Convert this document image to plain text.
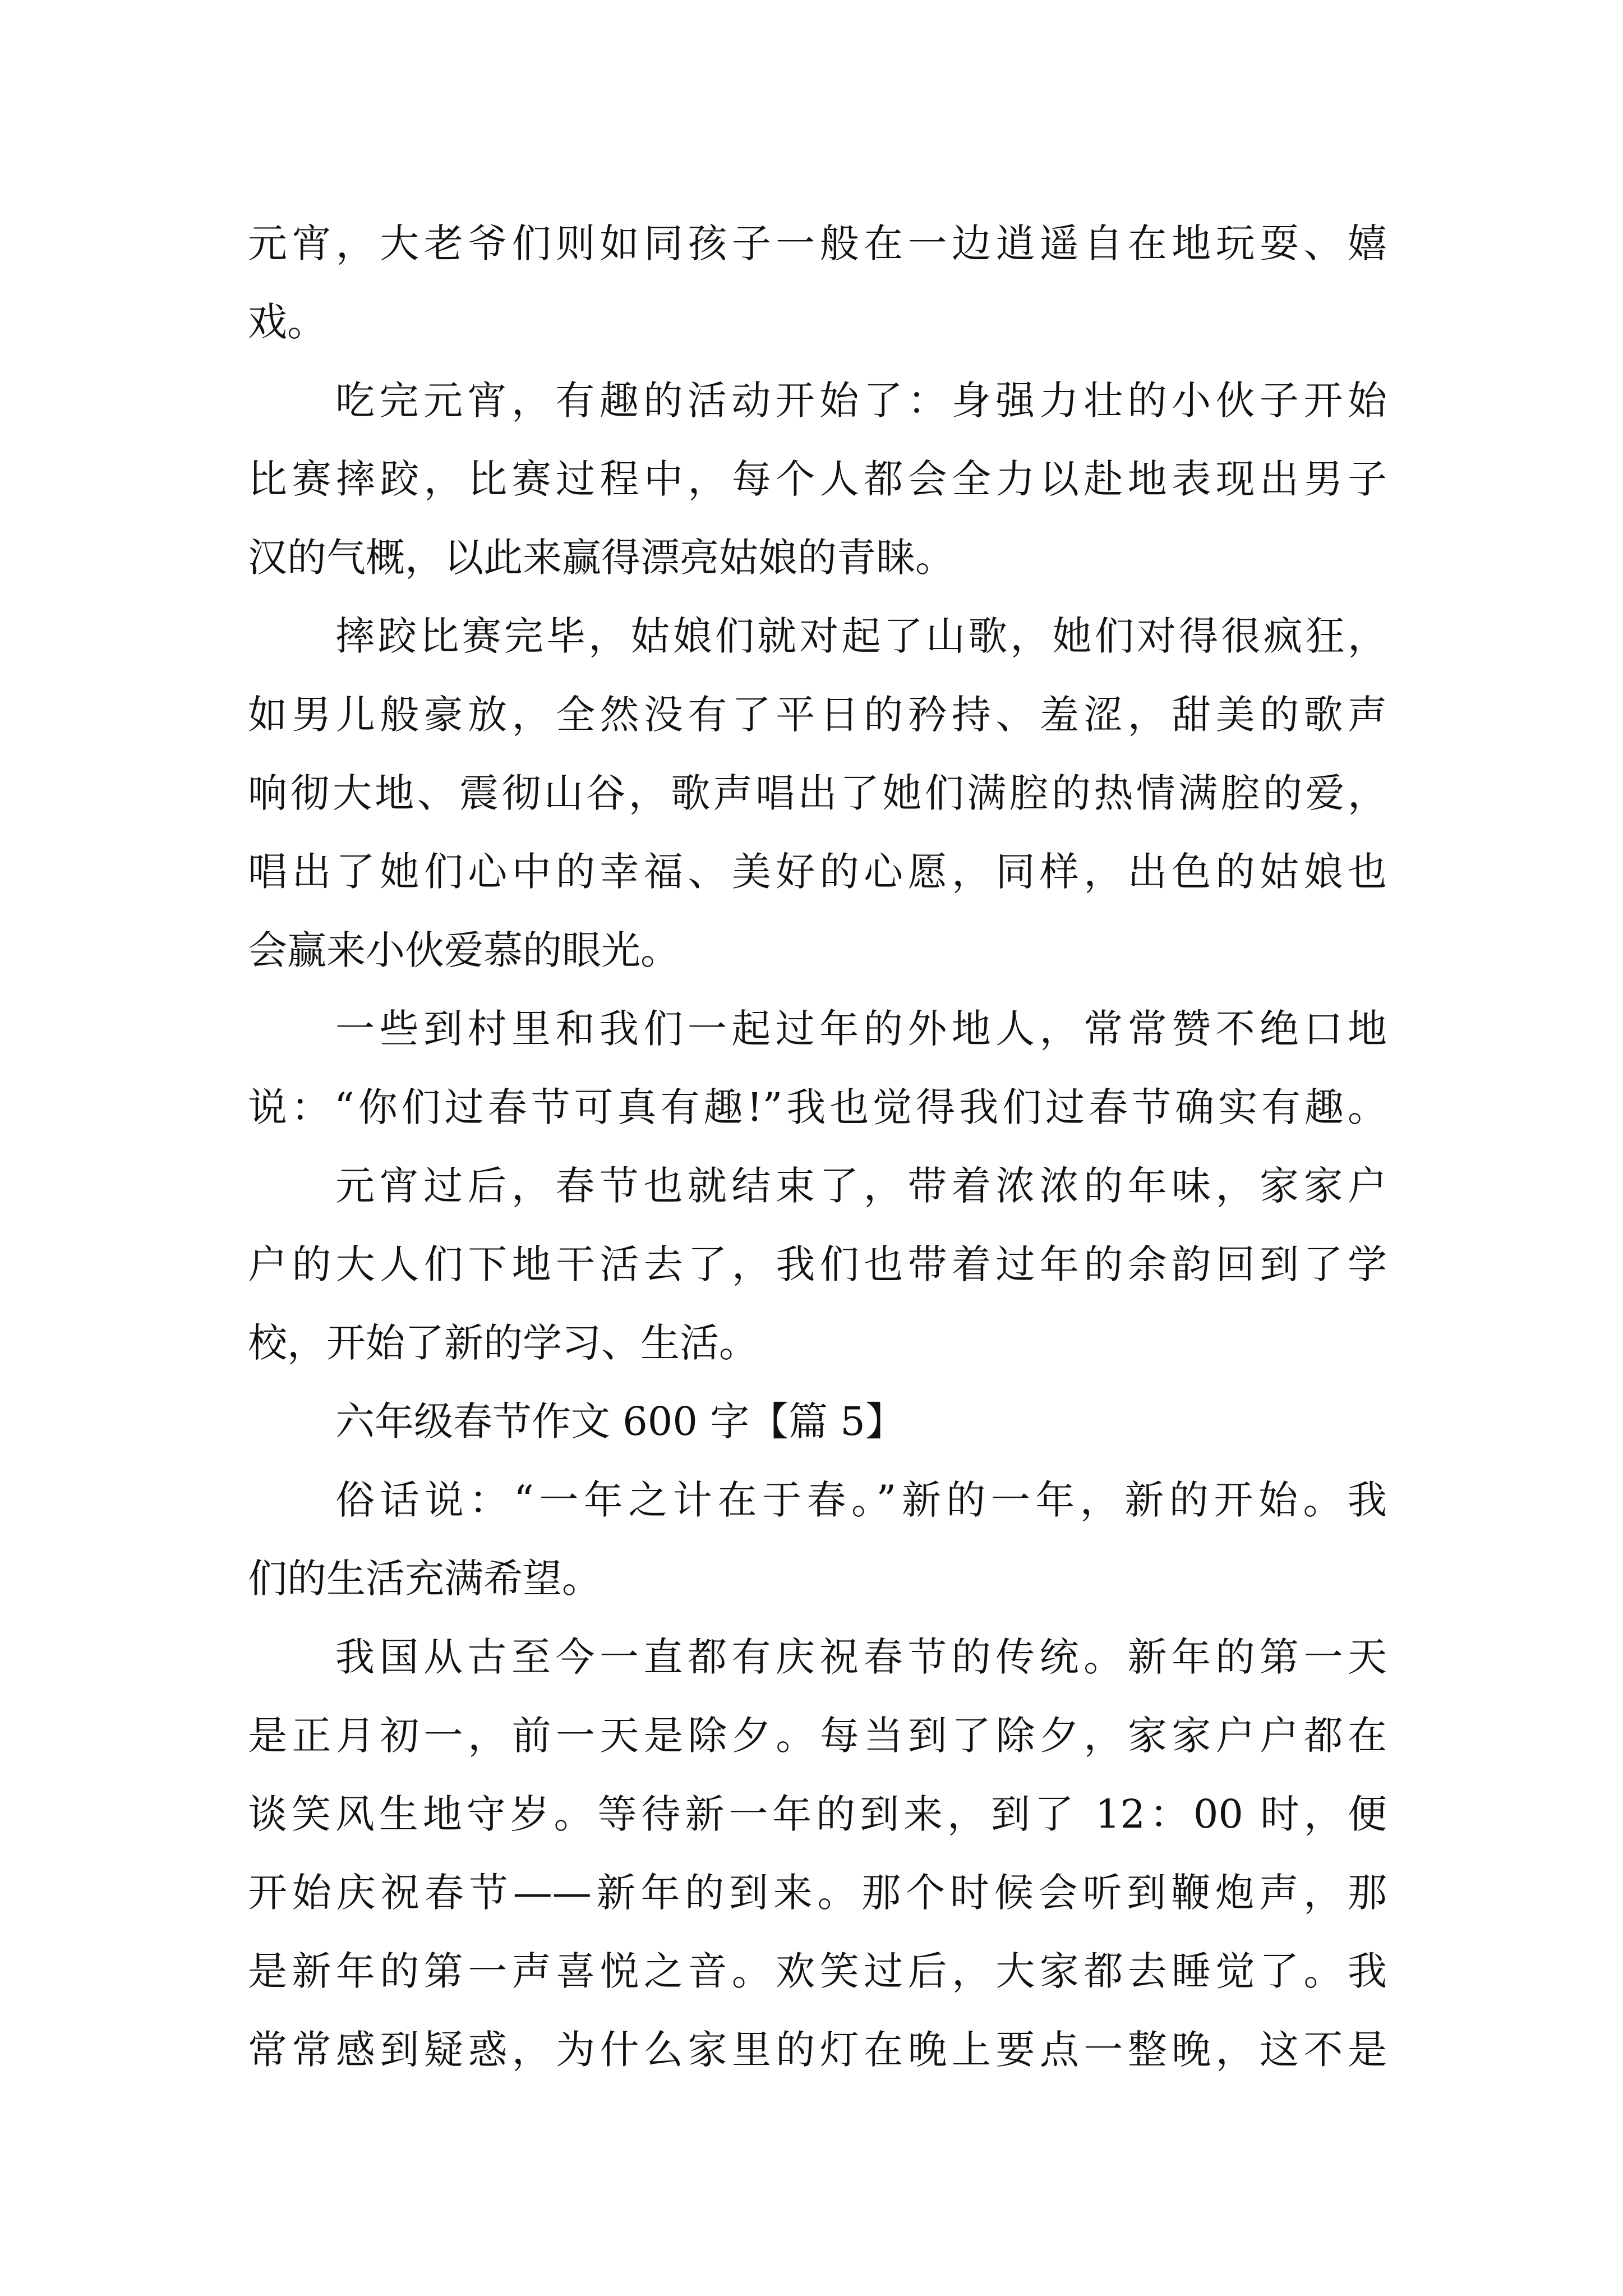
元宵，大老爷们则如同孩子一般在一边逍遥自在地玩耍、嬉
戏。
吃完元宵，有趣的活动开始了：身强力壮的小伙子开始
比赛摔跤，比赛过程中，每个人都会全力以赴地表现出男子
汉的气概，以此来赢得漂亮姑娘的青睐。
摔跤比赛完毕，姑娘们就对起了山歌，她们对得很疯狂，
如男儿般豪放，全然没有了平日的矜持、羞涩，甜美的歌声
响彻大地、震彻山谷，歌声唱出了她们满腔的热情满腔的爱，
唱出了她们心中的幸福、美好的心愿，同样，出色的姑娘也
会赢来小伙爱慕的眼光。
一些到村里和我们一起过年的外地人，常常赞不绝口地
说：“你们过春节可真有趣!”我也觉得我们过春节确实有趣。
元宵过后，春节也就结束了，带着浓浓的年味，家家户
户的大人们下地干活去了，我们也带着过年的余韵回到了学
校，开始了新的学习、生活。
六年级春节作文 600 字【篇 5】
俗话说：“一年之计在于春。”新的一年，新的开始。我
们的生活充满希望。
我国从古至今一直都有庆祝春节的传统。新年的第一天
是正月初一，前一天是除夕。每当到了除夕，家家户户都在
谈笑风生地守岁。等待新一年的到来，到了 12：00 时，便
开始庆祝春节——新年的到来。那个时候会听到鞭炮声，那
是新年的第一声喜悦之音。欢笑过后，大家都去睡觉了。我
常常感到疑惑，为什么家里的灯在晚上要点一整晚，这不是
